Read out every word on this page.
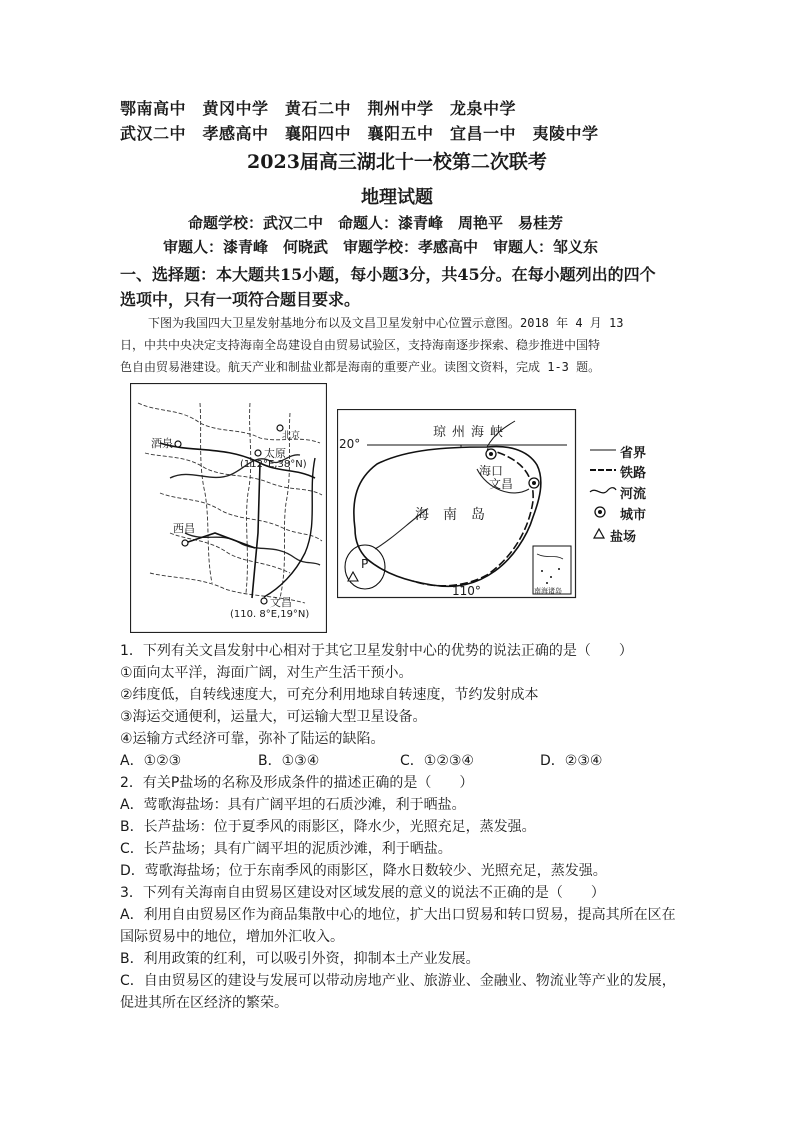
鄂南高中　黄冈中学　黄石二中　荆州中学　龙泉中学
武汉二中　孝感高中　襄阳四中　襄阳五中　宜昌一中　夷陵中学
2023届高三湖北十一校第二次联考
地理试题
命题学校：武汉二中　命题人：漆青峰　周艳平　易桂芳
审题人：漆青峰　何晓武　审题学校：孝感高中　审题人：邹义东
一、选择题：本大题共15小题，每小题3分，共45分。在每小题列出的四个
选项中，只有一项符合题目要求。
下图为我国四大卫星发射基地分布以及文昌卫星发射中心位置示意图。2018 年 4 月 13
日，中共中央决定支持海南全岛建设自由贸易试验区，支持海南逐步探索、稳步推进中国特
色自由贸易港建设。航天产业和制盐业都是海南的重要产业。读图文资料，完成 1-3 题。
酒泉
北京
太原
(112°E,38°N)
西昌
文昌
(110. 8°E,19°N)
20°
琼州海峡
海口
文昌
海南岛
P
110°	南海诸岛
省界
铁路
河流
城市
盐场
1．下列有关文昌发射中心相对于其它卫星发射中心的优势的说法正确的是（　　）
①面向太平洋，海面广阔，对生产生活干预小。
②纬度低，自转线速度大，可充分利用地球自转速度，节约发射成本
③海运交通便利，运量大，可运输大型卫星设备。
④运输方式经济可靠，弥补了陆运的缺陷。
A．①②③	B．①③④	C．①②③④	D．②③④
2．有关P盐场的名称及形成条件的描述正确的是（　　）
A．莺歌海盐场：具有广阔平坦的石质沙滩，利于晒盐。
B．长芦盐场：位于夏季风的雨影区，降水少，光照充足，蒸发强。
C．长芦盐场；具有广阔平坦的泥质沙滩，利于晒盐。
D．莺歌海盐场；位于东南季风的雨影区，降水日数较少、光照充足，蒸发强。
3．下列有关海南自由贸易区建设对区域发展的意义的说法不正确的是（　　）
A．利用自由贸易区作为商品集散中心的地位，扩大出口贸易和转口贸易，提高其所在区在
国际贸易中的地位，增加外汇收入。
B．利用政策的红利，可以吸引外资，抑制本土产业发展。
C．自由贸易区的建设与发展可以带动房地产业、旅游业、金融业、物流业等产业的发展，
促进其所在区经济的繁荣。
